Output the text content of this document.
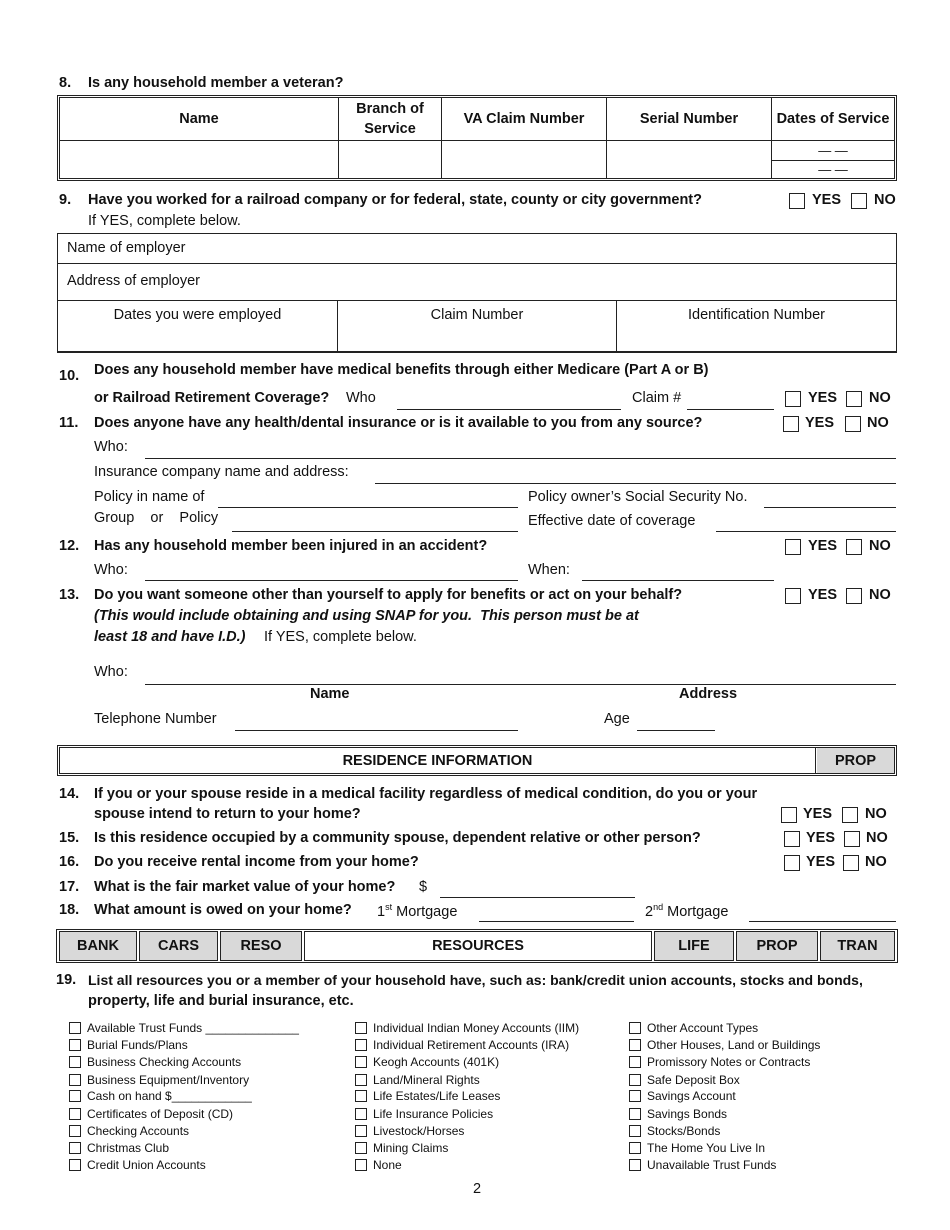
8. Is any household member a veteran?
Name	Branch of Service	VA Claim Number	Serial Number	Dates of Service

				— —
— —
9. Have you worked for a railroad company or for federal, state, county or city government?	YES NO
If YES, complete below.
Name of employer
Address of employer
Dates you were employed	Claim Number	Identification Number
10. Does any household member have medical benefits through either Medicare (Part A or B)
or Railroad Retirement Coverage? Who	Claim #	YES NO
11. Does anyone have any health/dental insurance or is it available to you from any source?	YES NO
Who:
Insurance company name and address:
Policy in name of	Policy owner’s Social Security No.
Group    or    Policy	Effective date of coverage
12. Has any household member been injured in an accident?	YES NO
Who:	When:
13. Do you want someone other than yourself to apply for benefits or act on your behalf?	YES NO
(This would include obtaining and using SNAP for you.  This person must be at
least 18 and have I.D.) If YES, complete below.
Who:
Name	Address
Telephone Number	Age
RESIDENCE INFORMATION	PROP
14. If you or your spouse reside in a medical facility regardless of medical condition, do you or your
spouse intend to return to your home?	YES NO
15. Is this residence occupied by a community spouse, dependent relative or other person?	YES NO
16. Do you receive rental income from your home?	YES NO
17. What is the fair market value of your home? $
18. What amount is owed on your home? 1st Mortgage	2nd Mortgage
BANK	CARS	RESO	RESOURCES	LIFE	PROP	TRAN
19. List all resources you or a member of your household have, such as: bank/credit union accounts, stocks and bonds,
property, life and burial insurance, etc.
Available Trust Funds ______________
Burial Funds/Plans
Business Checking Accounts
Business Equipment/Inventory
Cash on hand $____________
Certificates of Deposit (CD)
Checking Accounts
Christmas Club
Credit Union Accounts
Individual Indian Money Accounts (IIM)
Individual Retirement Accounts (IRA)
Keogh Accounts (401K)
Land/Mineral Rights
Life Estates/Life Leases
Life Insurance Policies
Livestock/Horses
Mining Claims
None
Other Account Types
Other Houses, Land or Buildings
Promissory Notes or Contracts
Safe Deposit Box
Savings Account
Savings Bonds
Stocks/Bonds
The Home You Live In
Unavailable Trust Funds
2
